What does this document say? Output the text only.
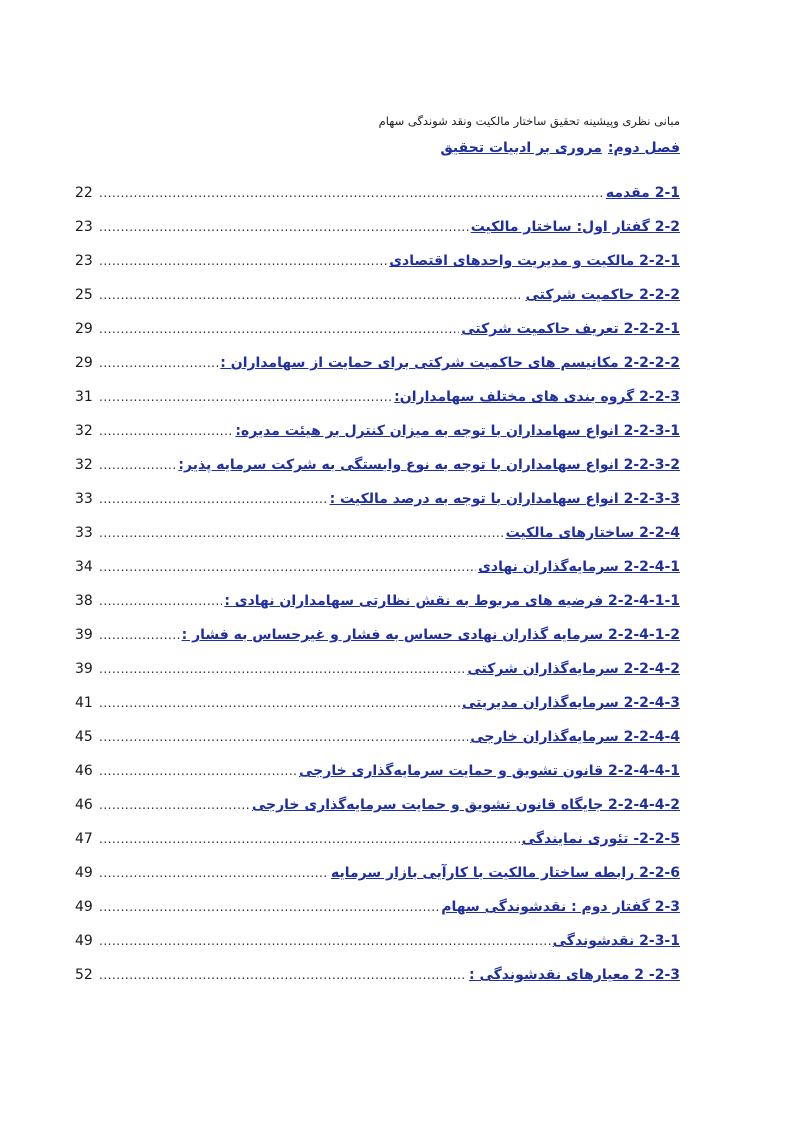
مبانی نظری وپیشینه تحقیق ساختار مالکیت ونقد شوندگی سهام
فصل دوم:مروری بر ادبیات تحقیق
2-1 مقدمه
.....
22
2-2 گفتار اول: ساختار مالکیت
.....
23
2-2-1 مالکیت و مدیریت واحدهای اقتصادی
.....
23
2-2-2 حاکمیت شرکتی
.....
25
2-2-2-1 تعریف حاکمیت شرکتی
.....
29
2-2-2-2 مکانیسم های حاکمیت شرکتی برای حمایت از سهامداران :
.....
29
2-2-3 گروه بندی های مختلف سهامداران:
.....
31
2-2-3-1 انواع سهامداران با توجه به میزان کنترل بر هیئت مدیره:
.....
32
2-2-3-2 انواع سهامداران با توجه به نوع وابستگی به شرکت سرمایه پذیر:
.....
32
2-2-3-3 انواع سهامداران با توجه به درصد مالکیت :
.....
33
2-2-4 ساختارهای مالکیت
.....
33
2-2-4-1 سرمایه‌گذاران نهادی
.....
34
2-2-4-1-1 فرضیه های مربوط به نقش نظارتی سهامداران نهادی :
.....
38
2-2-4-1-2 سرمایه گذاران نهادی حساس به فشار و غیرحساس به فشار :
.....
39
2-2-4-2 سرمایه‌گذاران شرکتی
.....
39
2-2-4-3 سرمایه‌گذاران مدیریتی
.....
41
2-2-4-4 سرمایه‌گذاران خارجی
.....
45
2-2-4-4-1 قانون تشویق و حمایت سرمایه‌گذاری خارجی
.....
46
2-2-4-4-2 جایگاه قانون تشویق و حمایت سرمایه‌گذاری خارجی
.....
46
2-2-5- تئوری نمایندگی
.....
47
2-2-6 رابطه ساختار مالکیت با کارآیی بازار سرمایه
.....
49
2-3 گفتار دوم : نقدشوندگی سهام
.....
49
2-3-1 نقدشوندگی
.....
49
2-3- 2 معیارهای نقدشوندگی :
.....
52
